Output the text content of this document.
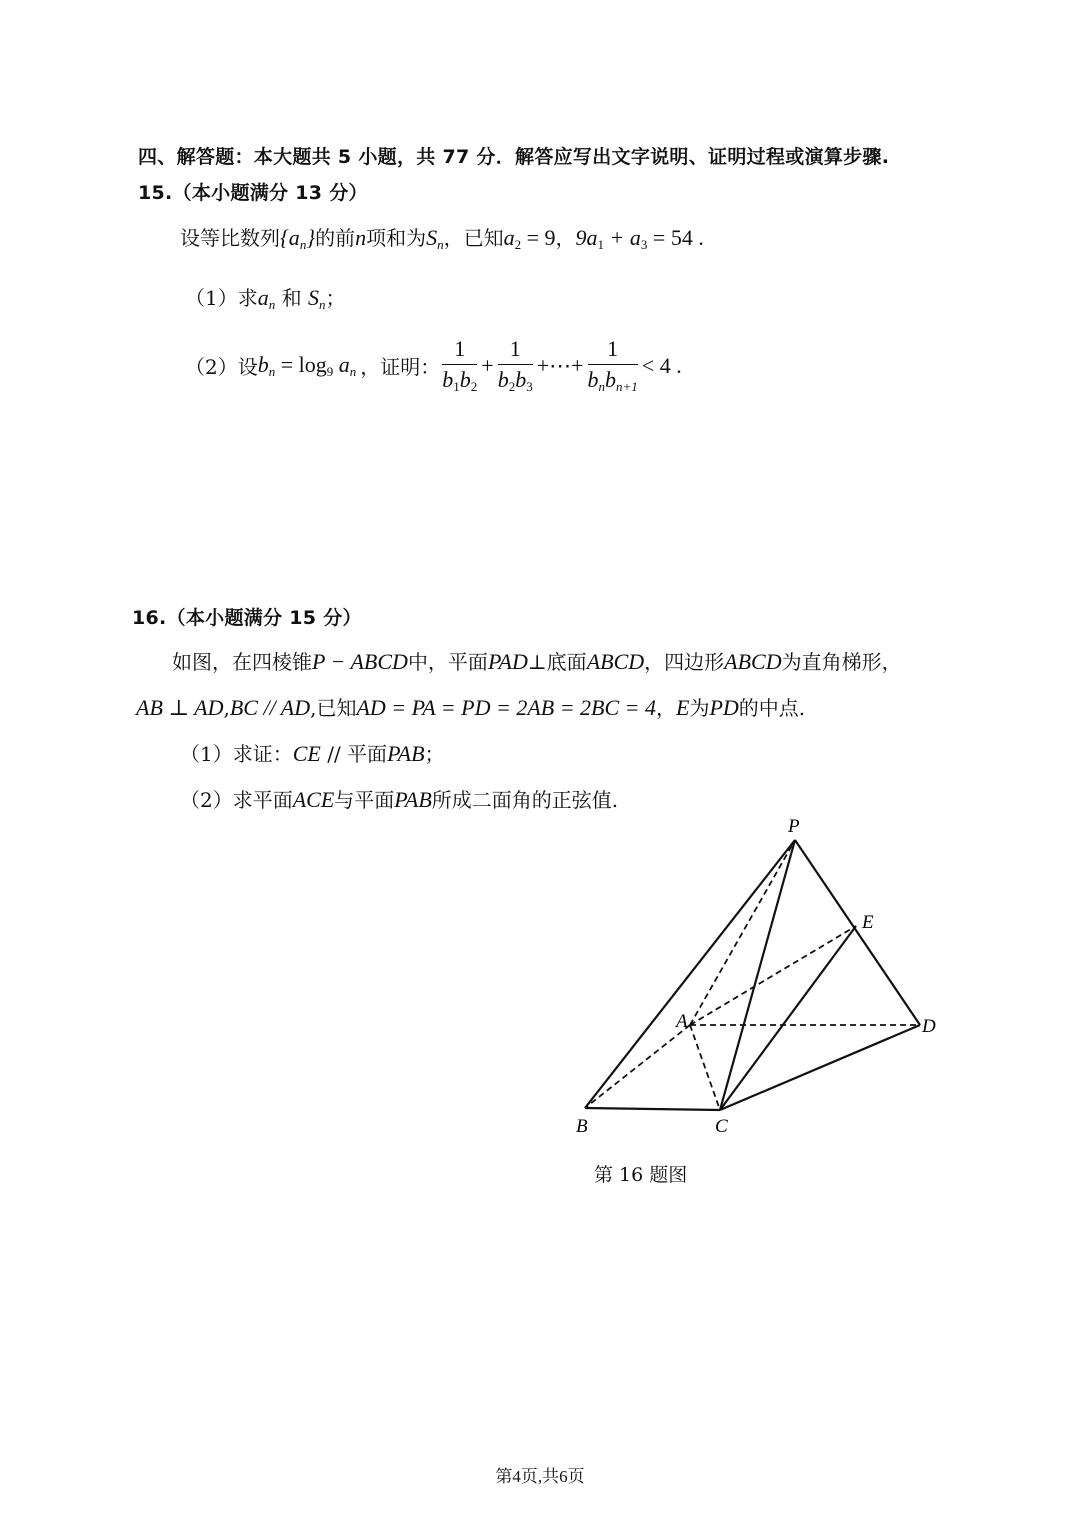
四、解答题：本大题共 5 小题，共 77 分．解答应写出文字说明、证明过程或演算步骤.
15.（本小题满分 13 分）
设等比数列$\{a_n\}$的前n项和为$S_n$，已知$a_2 = 9$，$9a_1 + a_3 = 54$ .
（1）求$a_n$ 和 $S_n$；
（2）设 $b_n = \log_9 a_n$ ，证明： $\frac{1}{b_1b_2} + \frac{1}{b_2b_3}$ +⋯+ $\frac{1}{b_nb_{n+1}} < 4$ .
16.（本小题满分 15 分）
如图，在四棱锥P − ABCD中，平面PAD⊥底面ABCD，四边形ABCD为直角梯形，
AB ⊥ AD,BC // AD,已知AD = PA = PD = 2AB = 2BC = 4，E为PD的中点.
（1）求证：CE // 平面PAB；
（2）求平面ACE与平面PAB所成二面角的正弦值.
P
E
A	D
B	C
第 16 题图
第4页,共6页
